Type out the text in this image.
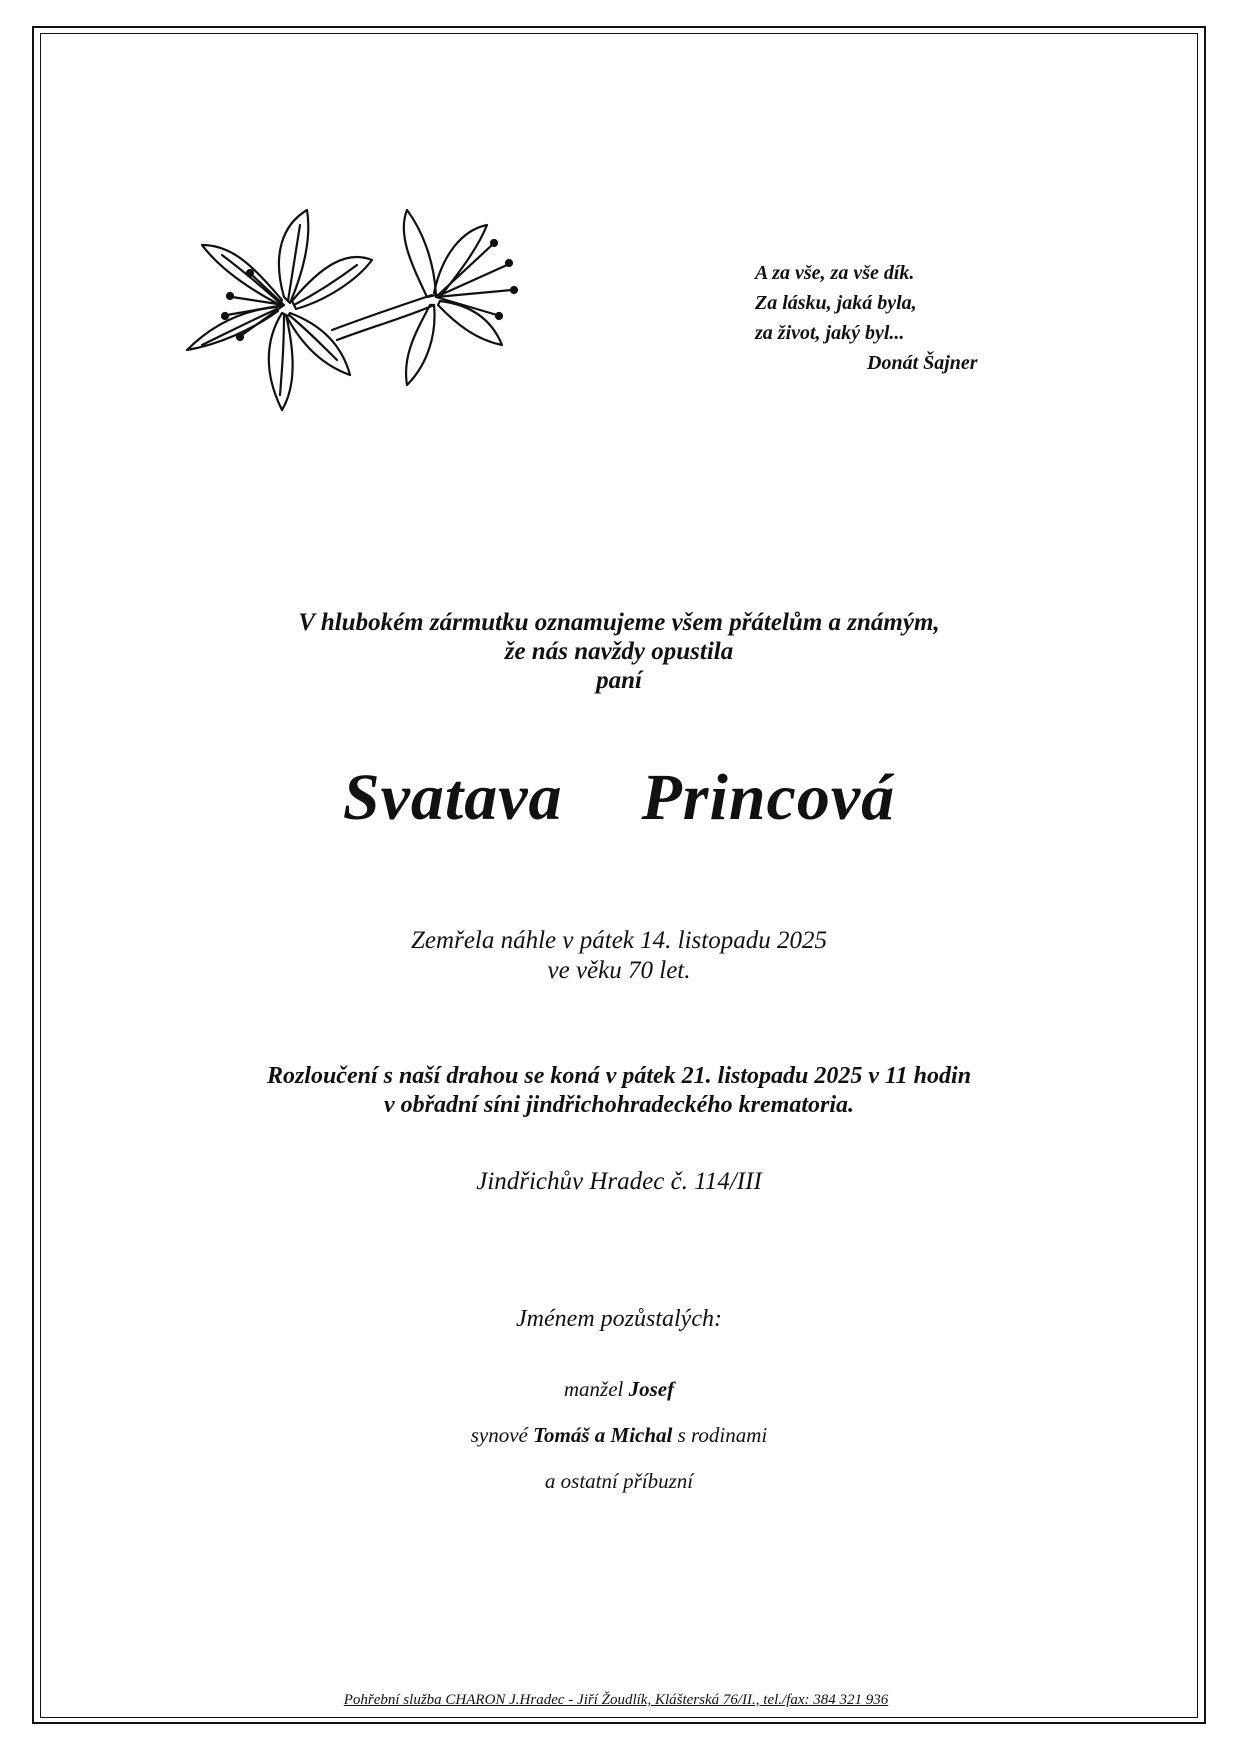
A za vše, za vše dík.
Za lásku, jaká byla,
za život, jaký byl...
Donát Šajner
V hlubokém zármutku oznamujeme všem přátelům a známým,
že nás navždy opustila
paní
Svatava  Princová
Zemřela náhle v pátek 14. listopadu 2025
ve věku 70 let.
Rozloučení s naší drahou se koná v pátek 21. listopadu 2025 v 11 hodin
v obřadní síni jindřichohradeckého krematoria.
Jindřichův Hradec č. 114/III
Jménem pozůstalých:
manžel Josef
synové Tomáš a Michal s rodinami
a ostatní příbuzní
Pohřební služba CHARON J.Hradec - Jiří Žoudlík, Klášterská 76/II., tel./fax: 384 321 936
